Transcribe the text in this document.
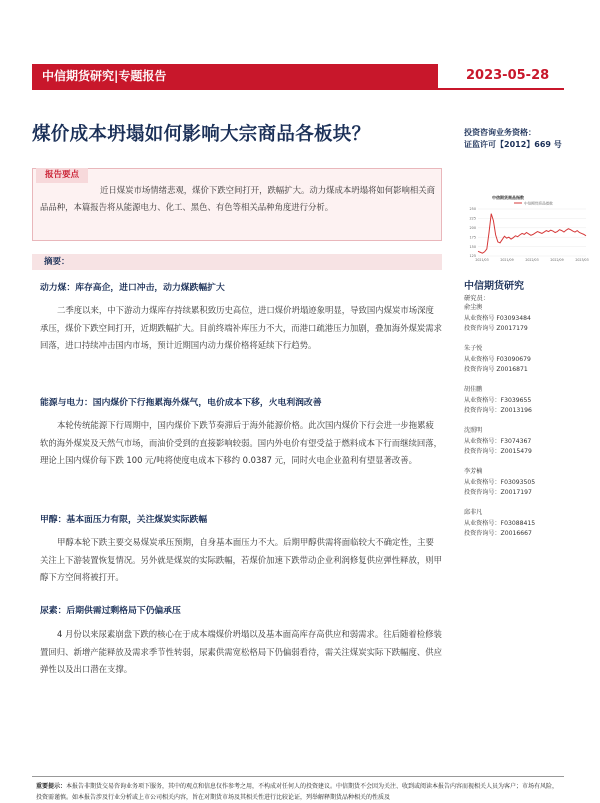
中信期货研究|专题报告	2023-05-28
煤价成本坍塌如何影响大宗商品各板块？	投资咨询业务资格：
证监许可【2012】669 号
报告要点
近日煤炭市场情绪悲观，煤价下跌空间打开，跌幅扩大。动力煤成本坍塌将如何影响相关商品品种，本篇报告将从能源电力、化工、黑色、有色等相关品种角度进行分析。
摘要：
动力煤：库存高企，进口冲击，动力煤跌幅扩大
二季度以来，中下游动力煤库存持续累积致历史高位，进口煤价坍塌迹象明显，导致国内煤炭市场深度承压，煤价下跌空间打开，近期跌幅扩大。目前终端补库压力不大，而港口疏港压力加剧，叠加海外煤炭需求回落，进口持续冲击国内市场，预计近期国内动力煤价格将延续下行趋势。
能源与电力：国内煤价下行拖累海外煤气，电价成本下移，火电利润改善
本轮传统能源下行周期中，国内煤价下跌节奏滞后于海外能源价格。此次国内煤价下行会进一步拖累疲软的海外煤炭及天然气市场，而油价受到的直接影响较弱。国内外电价有望受益于燃料成本下行而继续回落，理论上国内煤价每下跌 100 元/吨将使度电成本下移约 0.0387 元，同时火电企业盈利有望显著改善。
甲醇：基本面压力有限，关注煤炭实际跌幅
甲醇本轮下跌主要交易煤炭承压预期，自身基本面压力不大。后期甲醇供需将面临较大不确定性，主要关注上下游装置恢复情况。另外就是煤炭的实际跌幅，若煤价加速下跌带动企业利润修复供应弹性释放，则甲醇下方空间将被打开。
尿素：后期供需过剩格局下仍偏承压
4 月份以来尿素崩盘下跌的核心在于成本端煤价坍塌以及基本面高库存高供应和弱需求。往后随着检修装置回归、新增产能释放及需求季节性转弱，尿素供需宽松格局下仍偏弱看待，需关注煤炭实际下跌幅度、供应弹性以及出口潜在支撑。
中信期货商品指数
中信期货商品指数
250
225
200
175
150
125
2021/03	2021/09	2022/03	2022/09	2023/03
中信期货研究
研究员：
俞尘澳
从业资格号 F03093484
投资咨询号 Z0017179
朱子悦
从业资格号 F03090679
投资咨询号 Z0016871
胡佳鹏
从业资格号：F3039655
投资咨询号：Z0013196
沈照明
从业资格号：F3074367
投资咨询号：Z0015479
李芳楠
从业资格号：F03093505
投资咨询号：Z0017197
邱非凡
从业资格号：F03088415
投资咨询号：Z0016667
重要提示：本报告非期货交易咨询业务项下服务，其中的观点和信息仅作参考之用，不构成对任何人的投资建议。中信期货不会因为关注、收到或阅读本报告内容而视相关人员为客户；市场有风险，投资需谨慎。如本报告涉及行业分析或上市公司相关内容，旨在对期货市场及其相关性进行比较论证，列举解释期货品种相关的性质及
